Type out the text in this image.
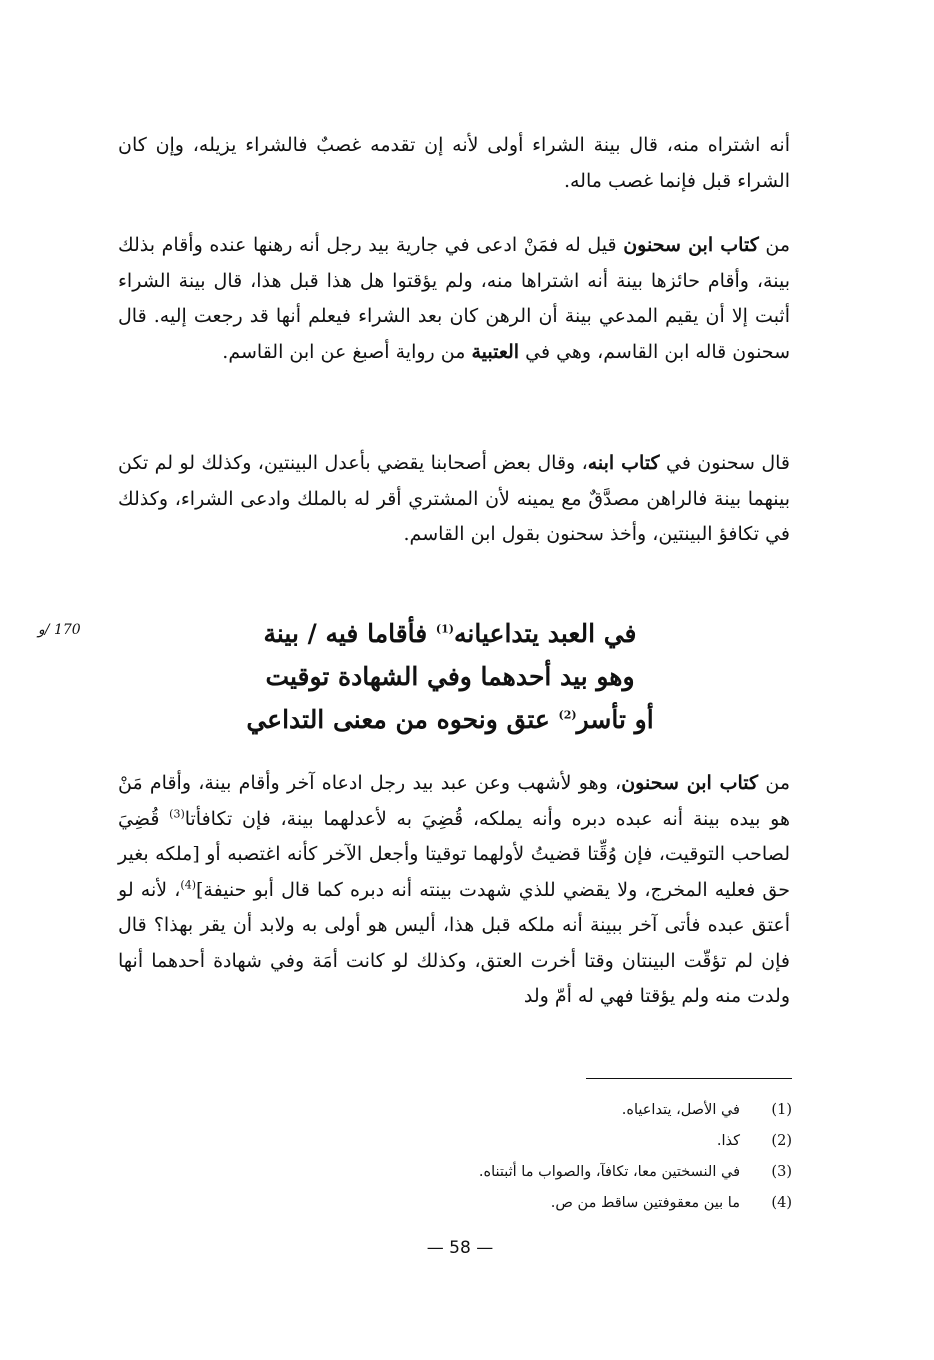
أنه اشتراه منه، قال بينة الشراء أولى لأنه إن تقدمه غصبٌ فالشراء يزيله، وإن كان الشراء قبل فإنما غصب ماله.

من كتاب ابن سحنون قيل له فمَنْ ادعى في جارية بيد رجل أنه رهنها عنده وأقام بذلك بينة، وأقام حائزها بينة أنه اشتراها منه، ولم يؤقتوا هل هذا قبل هذا، قال بينة الشراء أثبت إلا أن يقيم المدعي بينة أن الرهن كان بعد الشراء فيعلم أنها قد رجعت إليه. قال سحنون قاله ابن القاسم، وهي في العتبية من رواية أصبغ عن ابن القاسم.

قال سحنون في كتاب ابنه، وقال بعض أصحابنا يقضي بأعدل البينتين، وكذلك لو لم تكن بينهما بينة فالراهن مصدَّقٌ مع يمينه لأن المشتري أقر له بالملك وادعى الشراء، وكذلك في تكافؤ البينتين، وأخذ سحنون بقول ابن القاسم.

170 /و	في العبد يتداعيانه$^{(1)}$ فأقاما فيه / بينة
وهو بيد أحدهما وفي الشهادة توقيت
أو تأسر$^{(2)}$ عتق ونحوه من معنى التداعي

من كتاب ابن سحنون، وهو لأشهب وعن عبد بيد رجل ادعاه آخر وأقام بينة، وأقام مَنْ هو بيده بينة أنه عبده دبره وأنه يملكه، قُضِيَ به لأعدلهما بينة، فإن تكافأتا$^{(3)}$ قُضِيَ لصاحب التوقيت، فإن وُقِّتا قضيتُ لأولهما توقيتا وأجعل الآخر كأنه اغتصبه أو [ملكه بغير حق فعليه المخرج، ولا يقضي للذي شهدت بينته أنه دبره كما قال أبو حنيفة]$^{(4)}$، لأنه لو أعتق عبده فأتى آخر ببينة أنه ملكه قبل هذا، أليس هو أولى به ولابد أن يقر بهذا؟ قال فإن لم تؤقّت البينتان وقتا أخرت العتق، وكذلك لو كانت أمَة وفي شهادة أحدهما أنها ولدت منه ولم يؤقتا فهي له أمّ ولد

(1)
في الأصل، يتداعياه.
(2)
كذا.
(3)
في النسختين معا، تكافآ، والصواب ما أثبتناه.
(4)
ما بين معقوفتين ساقط من ص.
— 58 —
